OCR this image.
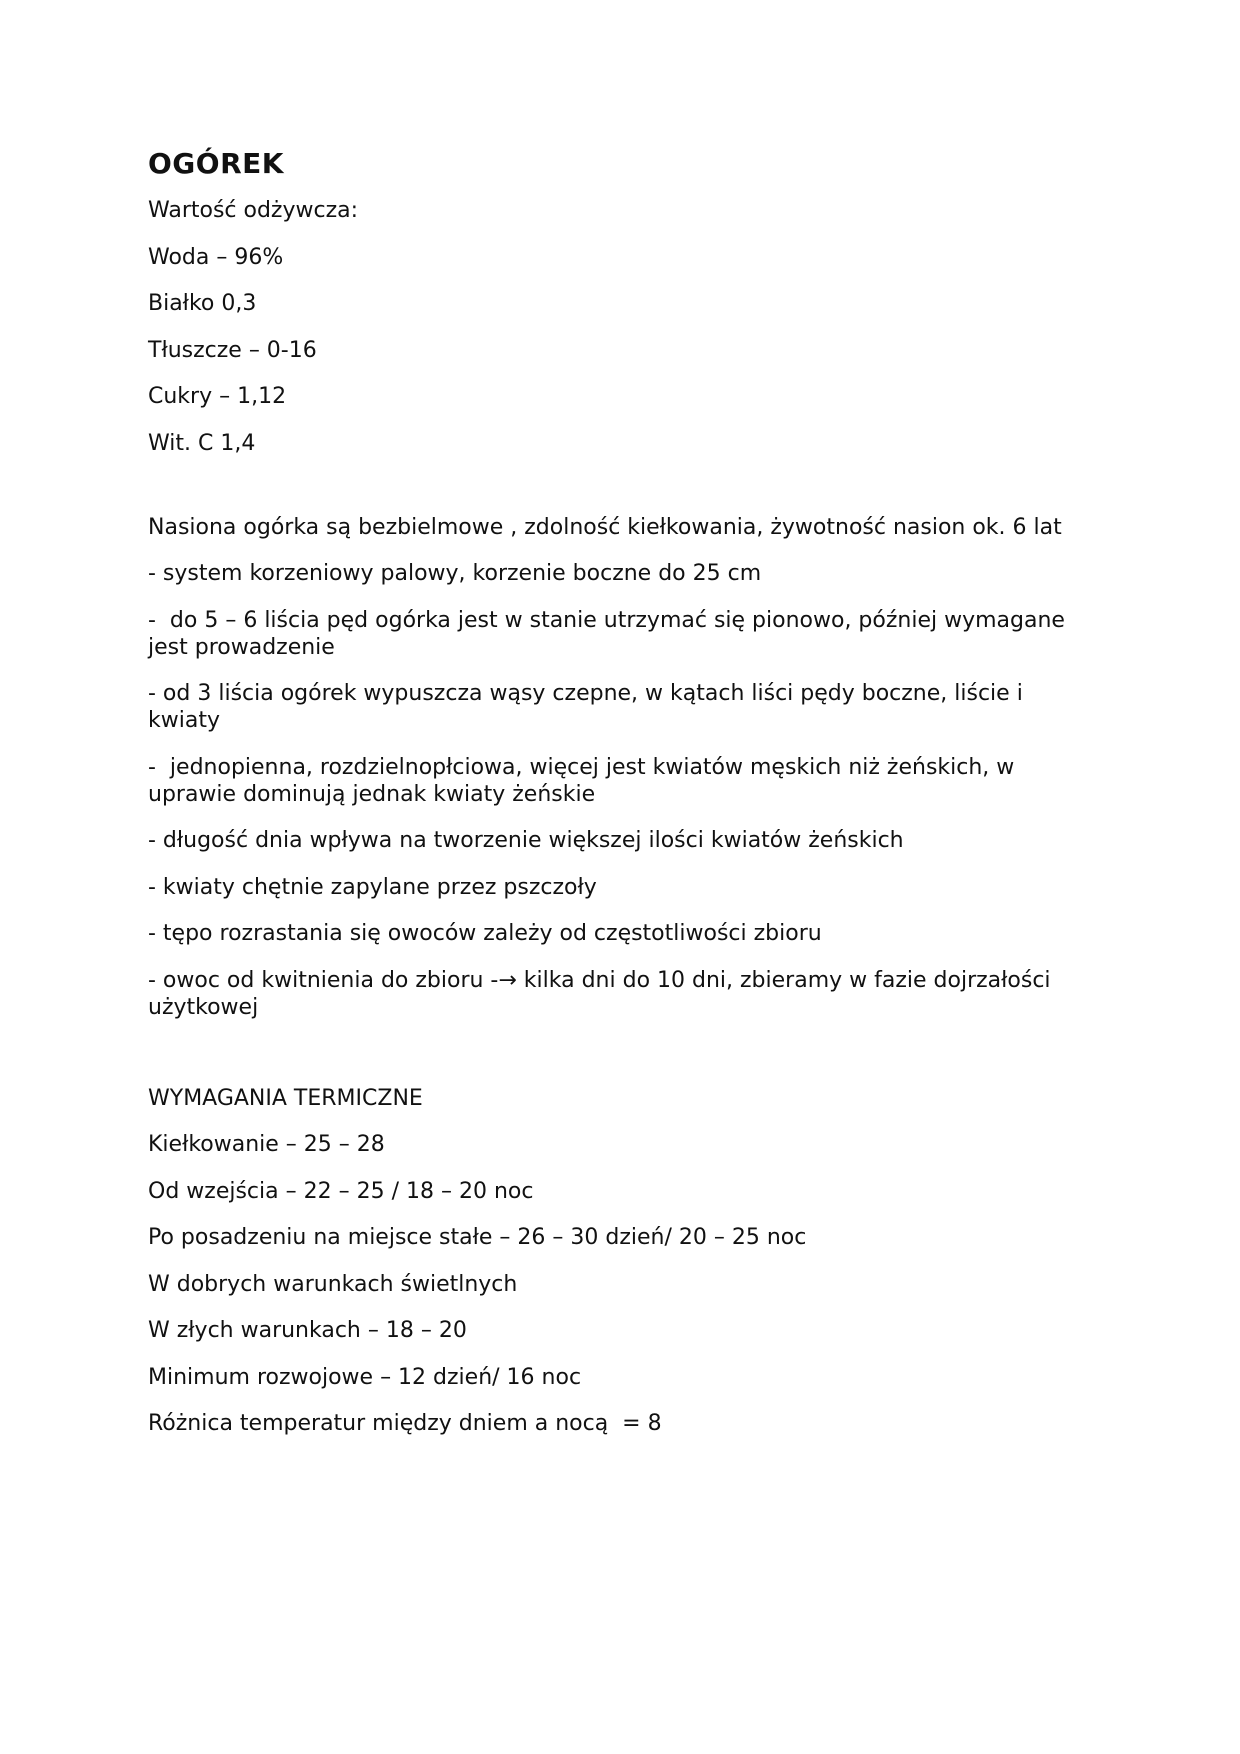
OGÓREK

Wartość odżywcza:

Woda – 96%

Białko 0,3

Tłuszcze – 0-16

Cukry – 1,12

Wit. C 1,4

Nasiona ogórka są bezbielmowe , zdolność kiełkowania, żywotność nasion ok. 6 lat

- system korzeniowy palowy, korzenie boczne do 25 cm

-  do 5 – 6 liścia pęd ogórka jest w stanie utrzymać się pionowo, później wymagane jest prowadzenie

- od 3 liścia ogórek wypuszcza wąsy czepne, w kątach liści pędy boczne, liście i kwiaty

-  jednopienna, rozdzielnopłciowa, więcej jest kwiatów męskich niż żeńskich, w uprawie dominują jednak kwiaty żeńskie

- długość dnia wpływa na tworzenie większej ilości kwiatów żeńskich

- kwiaty chętnie zapylane przez pszczoły

- tępo rozrastania się owoców zależy od częstotliwości zbioru

- owoc od kwitnienia do zbioru -→ kilka dni do 10 dni, zbieramy w fazie dojrzałości użytkowej

WYMAGANIA TERMICZNE

Kiełkowanie – 25 – 28

Od wzejścia – 22 – 25 / 18 – 20 noc

Po posadzeniu na miejsce stałe – 26 – 30 dzień/ 20 – 25 noc

W dobrych warunkach świetlnych

W złych warunkach – 18 – 20

Minimum rozwojowe – 12 dzień/ 16 noc

Różnica temperatur między dniem a nocą  = 8
